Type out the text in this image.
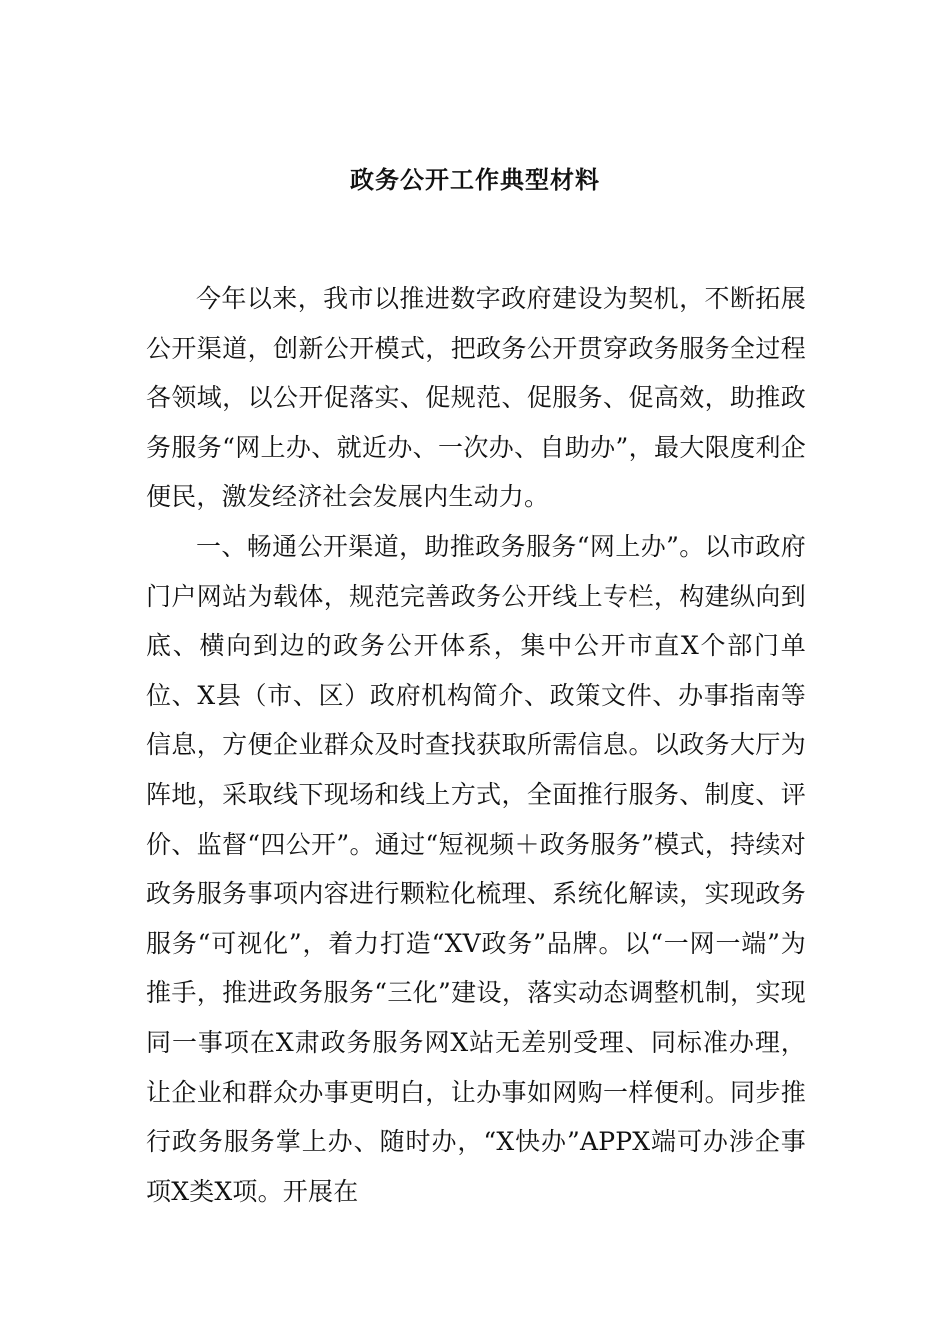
政务公开工作典型材料

今年以来，我市以推进数字政府建设为契机，不断拓展公开渠道，创新公开模式，把政务公开贯穿政务服务全过程各领域，以公开促落实、促规范、促服务、促高效，助推政务服务“网上办、就近办、一次办、自助办”，最大限度利企便民，激发经济社会发展内生动力。

一、畅通公开渠道，助推政务服务“网上办”。以市政府门户网站为载体，规范完善政务公开线上专栏，构建纵向到底、横向到边的政务公开体系，集中公开市直X个部门单位、X县（市、区）政府机构简介、政策文件、办事指南等信息，方便企业群众及时查找获取所需信息。以政务大厅为阵地，采取线下现场和线上方式，全面推行服务、制度、评价、监督“四公开”。通过“短视频＋政务服务”模式，持续对政务服务事项内容进行颗粒化梳理、系统化解读，实现政务服务“可视化”，着力打造“XV政务”品牌。以“一网一端”为推手，推进政务服务“三化”建设，落实动态调整机制，实现同一事项在X肃政务服务网X站无差别受理、同标准办理，让企业和群众办事更明白，让办事如网购一样便利。同步推行政务服务掌上办、随时办，“X快办”APPX端可办涉企事项X类X项。开展在
